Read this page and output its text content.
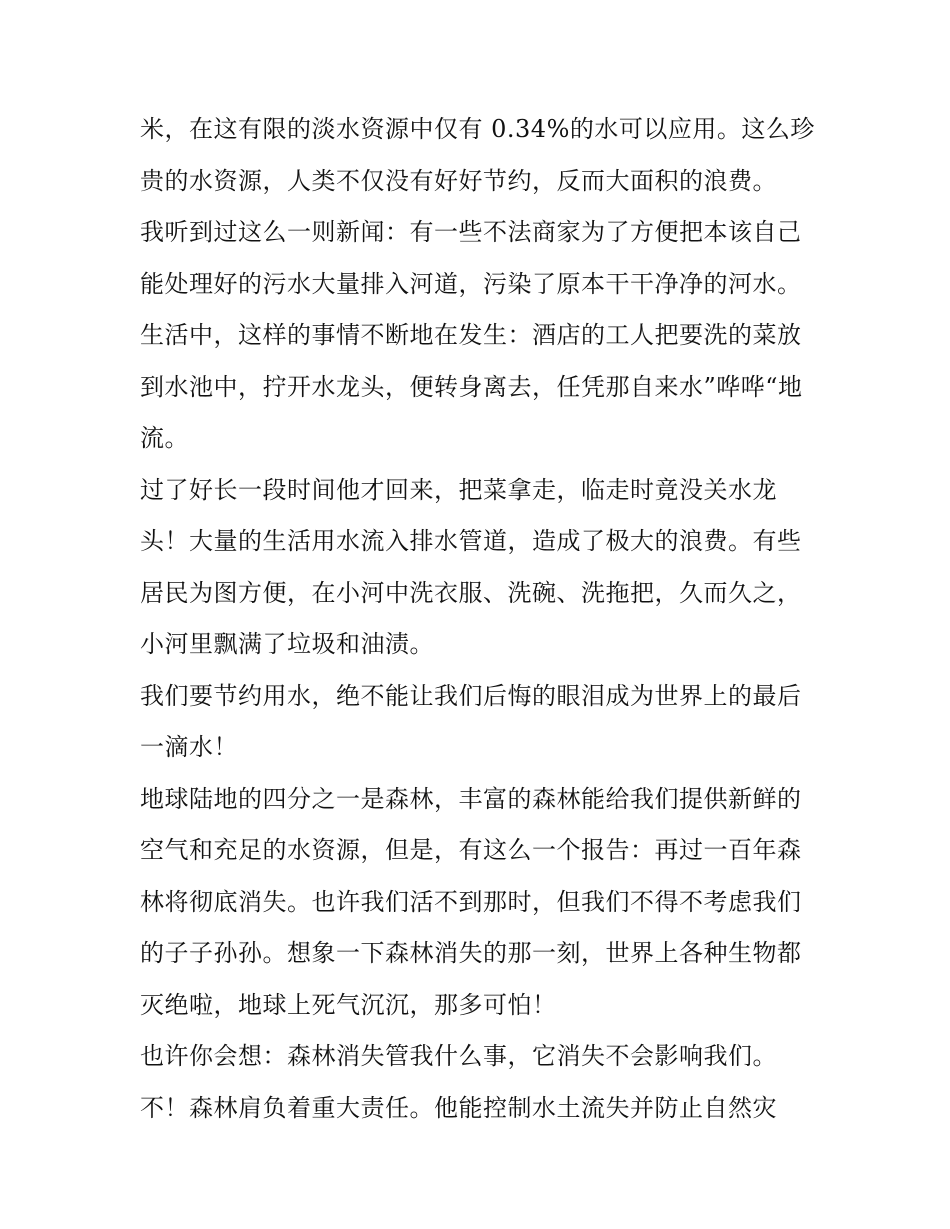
米，在这有限的淡水资源中仅有 0.34%的水可以应用。这么珍
贵的水资源，人类不仅没有好好节约，反而大面积的浪费。
我听到过这么一则新闻：有一些不法商家为了方便把本该自己
能处理好的污水大量排入河道，污染了原本干干净净的河水。
生活中，这样的事情不断地在发生：酒店的工人把要洗的菜放
到水池中，拧开水龙头，便转身离去，任凭那自来水”哗哗“地
流。
过了好长一段时间他才回来，把菜拿走，临走时竟没关水龙
头！大量的生活用水流入排水管道，造成了极大的浪费。有些
居民为图方便，在小河中洗衣服、洗碗、洗拖把，久而久之，
小河里飘满了垃圾和油渍。
我们要节约用水，绝不能让我们后悔的眼泪成为世界上的最后
一滴水！
地球陆地的四分之一是森林，丰富的森林能给我们提供新鲜的
空气和充足的水资源，但是，有这么一个报告：再过一百年森
林将彻底消失。也许我们活不到那时，但我们不得不考虑我们
的子子孙孙。想象一下森林消失的那一刻，世界上各种生物都
灭绝啦，地球上死气沉沉，那多可怕！
也许你会想：森林消失管我什么事，它消失不会影响我们。
不！森林肩负着重大责任。他能控制水土流失并防止自然灾
